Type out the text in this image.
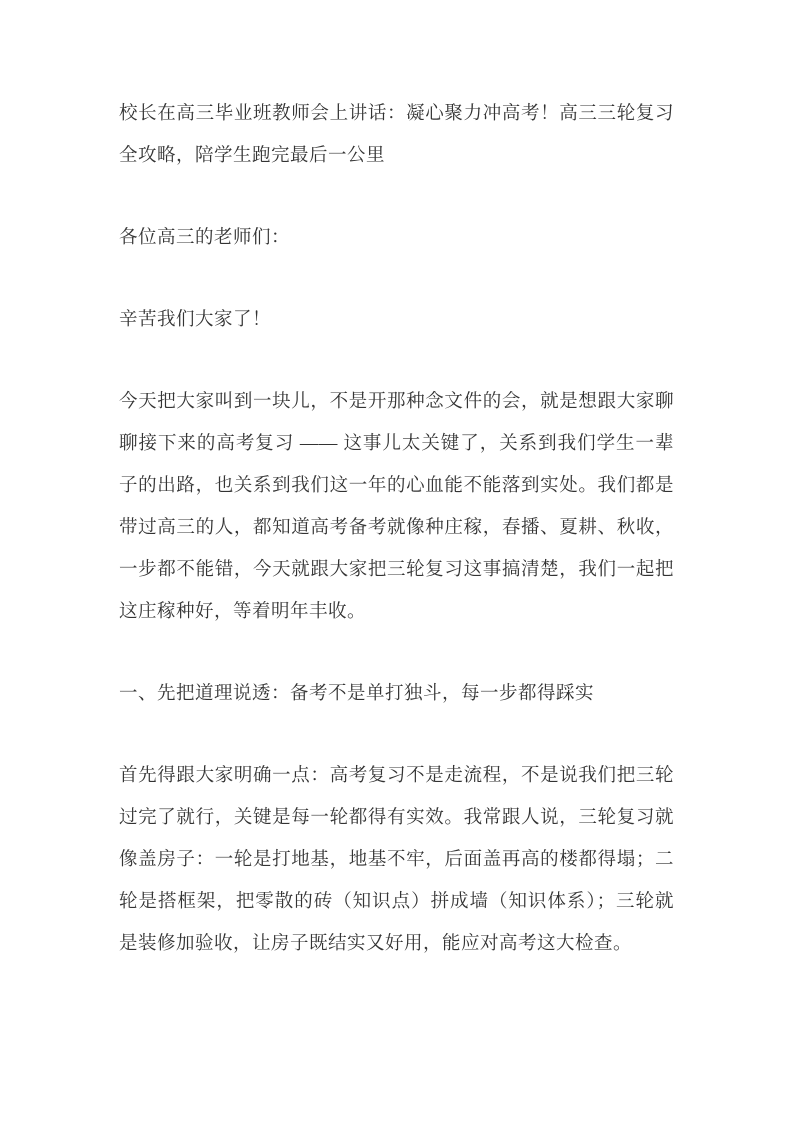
校长在高三毕业班教师会上讲话：凝心聚力冲高考！高三三轮复习全攻略，陪学生跑完最后一公里
各位高三的老师们：
辛苦我们大家了！
今天把大家叫到一块儿，不是开那种念文件的会，就是想跟大家聊聊接下来的高考复习 —— 这事儿太关键了，关系到我们学生一辈子的出路，也关系到我们这一年的心血能不能落到实处。我们都是带过高三的人，都知道高考备考就像种庄稼，春播、夏耕、秋收，一步都不能错，今天就跟大家把三轮复习这事搞清楚，我们一起把这庄稼种好，等着明年丰收。
一、先把道理说透：备考不是单打独斗，每一步都得踩实
首先得跟大家明确一点：高考复习不是走流程，不是说我们把三轮过完了就行，关键是每一轮都得有实效。我常跟人说，三轮复习就像盖房子：一轮是打地基，地基不牢，后面盖再高的楼都得塌；二轮是搭框架，把零散的砖（知识点）拼成墙（知识体系）；三轮就是装修加验收，让房子既结实又好用，能应对高考这大检查。
